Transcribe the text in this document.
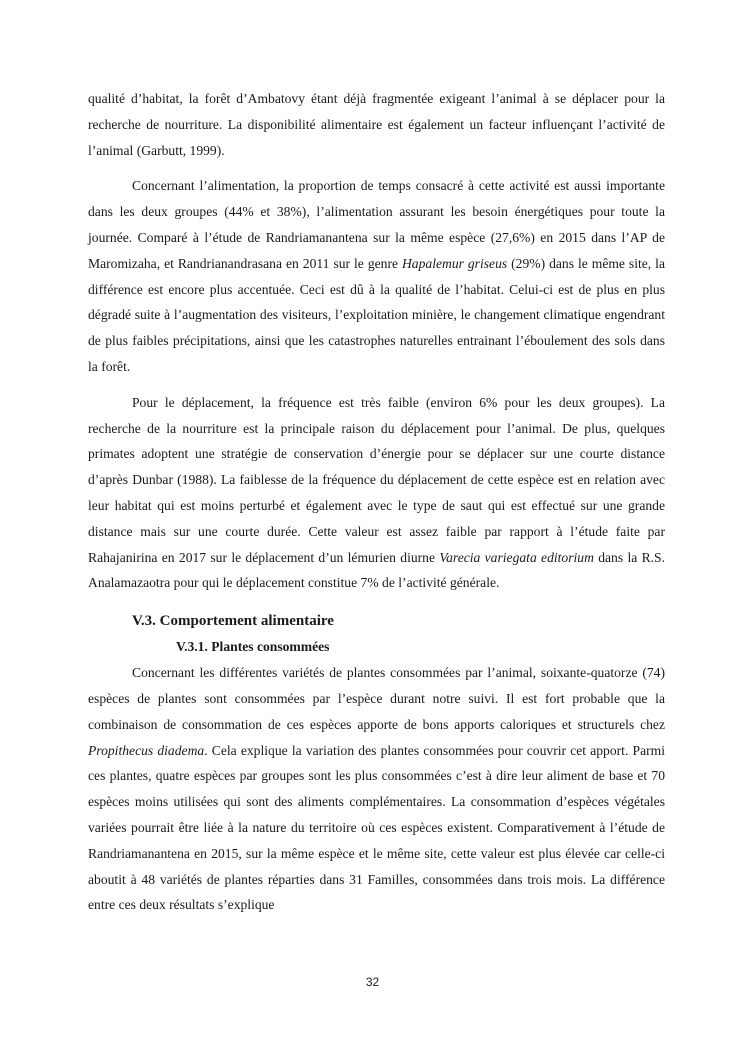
qualité d’habitat, la forêt d’Ambatovy étant déjà fragmentée exigeant l’animal à se déplacer pour la recherche de nourriture. La disponibilité alimentaire est également un facteur influençant l’activité de l’animal (Garbutt, 1999).

Concernant l’alimentation, la proportion de temps consacré à cette activité est aussi importante dans les deux groupes (44% et 38%), l’alimentation assurant les besoin énergétiques pour toute la journée. Comparé à l’étude de Randriamanantena sur la même espèce (27,6%) en 2015 dans l’AP de Maromizaha, et Randrianandrasana en 2011 sur le genre Hapalemur griseus (29%) dans le même site, la différence est encore plus accentuée. Ceci est dû à la qualité de l’habitat. Celui-ci est de plus en plus dégradé suite à l’augmentation des visiteurs, l’exploitation minière, le changement climatique engendrant de plus faibles précipitations, ainsi que les catastrophes naturelles entrainant l’éboulement des sols dans la forêt.

Pour le déplacement, la fréquence est très faible (environ 6% pour les deux groupes). La recherche de la nourriture est la principale raison du déplacement pour l’animal. De plus, quelques primates adoptent une stratégie de conservation d’énergie pour se déplacer sur une courte distance d’après Dunbar (1988). La faiblesse de la fréquence du déplacement de cette espèce est en relation avec leur habitat qui est moins perturbé et également avec le type de saut qui est effectué sur une grande distance mais sur une courte durée. Cette valeur est assez faible par rapport à l’étude faite par Rahajanirina en 2017 sur le déplacement d’un lémurien diurne Varecia variegata editorium dans la R.S. Analamazaotra pour qui le déplacement constitue 7% de l’activité générale.

V.3. Comportement alimentaire
V.3.1. Plantes consommées

Concernant les différentes variétés de plantes consommées par l’animal, soixante-quatorze (74) espèces de plantes sont consommées par l’espèce durant notre suivi. Il est fort probable que la combinaison de consommation de ces espèces apporte de bons apports caloriques et structurels chez Propithecus diadema. Cela explique la variation des plantes consommées pour couvrir cet apport. Parmi ces plantes, quatre espèces par groupes sont les plus consommées c’est à dire leur aliment de base et 70 espèces moins utilisées qui sont des aliments complémentaires. La consommation d’espèces végétales variées pourrait être liée à la nature du territoire où ces espèces existent. Comparativement à l’étude de Randriamanantena en 2015, sur la même espèce et le même site, cette valeur est plus élevée car celle-ci aboutit à 48 variétés de plantes réparties dans 31 Familles, consommées dans trois mois. La différence entre ces deux résultats s’explique

32
